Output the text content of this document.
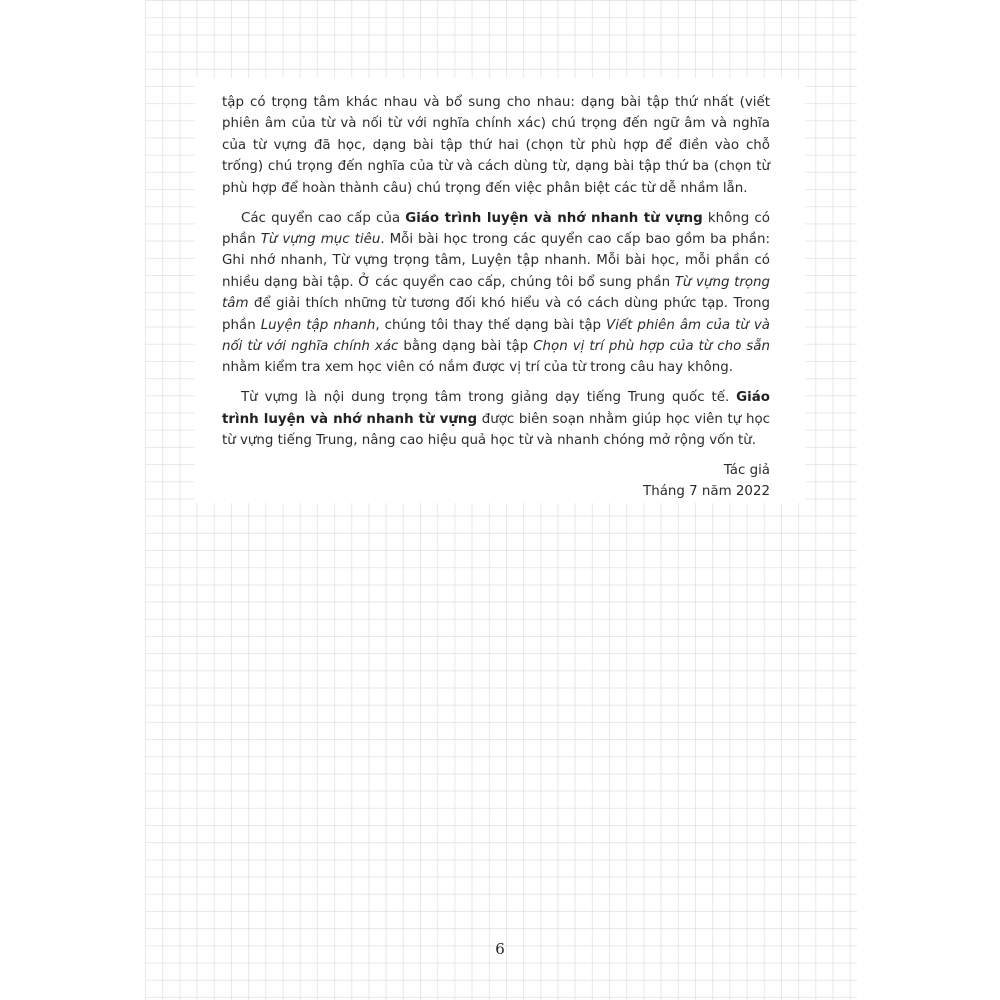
tập có trọng tâm khác nhau và bổ sung cho nhau: dạng bài tập thứ nhất (viết phiên âm của từ và nối từ với nghĩa chính xác) chú trọng đến ngữ âm và nghĩa của từ vựng đã học, dạng bài tập thứ hai (chọn từ phù hợp để điền vào chỗ trống) chú trọng đến nghĩa của từ và cách dùng từ, dạng bài tập thứ ba (chọn từ phù hợp để hoàn thành câu) chú trọng đến việc phân biệt các từ dễ nhầm lẫn.

Các quyển cao cấp của Giáo trình luyện và nhớ nhanh từ vựng không có phần Từ vựng mục tiêu. Mỗi bài học trong các quyển cao cấp bao gồm ba phần: Ghi nhớ nhanh, Từ vựng trọng tâm, Luyện tập nhanh. Mỗi bài học, mỗi phần có nhiều dạng bài tập. Ở các quyển cao cấp, chúng tôi bổ sung phần Từ vựng trọng tâm để giải thích những từ tương đối khó hiểu và có cách dùng phức tạp. Trong phần Luyện tập nhanh, chúng tôi thay thế dạng bài tập Viết phiên âm của từ và nối từ với nghĩa chính xác bằng dạng bài tập Chọn vị trí phù hợp của từ cho sẵn nhằm kiểm tra xem học viên có nắm được vị trí của từ trong câu hay không.

Từ vựng là nội dung trọng tâm trong giảng dạy tiếng Trung quốc tế. Giáo trình luyện và nhớ nhanh từ vựng được biên soạn nhằm giúp học viên tự học từ vựng tiếng Trung, nâng cao hiệu quả học từ và nhanh chóng mở rộng vốn từ.

Tác giả
Tháng 7 năm 2022
6
